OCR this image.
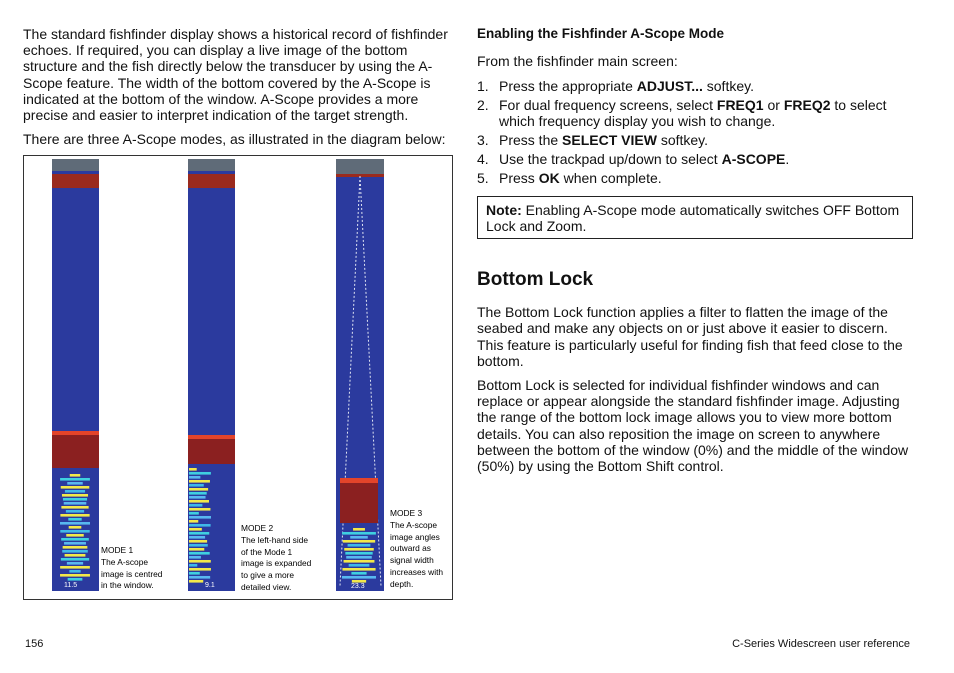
The standard fishfinder display shows a historical record of fishfinder echoes. If required, you can display a live image of the bottom structure and the fish directly below the transducer by using the A-Scope feature. The width of the bottom covered by the A-Scope is indicated at the bottom of the window. A-Scope provides a more precise and easier to interpret indication of the target strength.

There are three A-Scope modes, as illustrated in the diagram below:

MODE 1
The A-scope
image is centred
in the window.
MODE 2
The left-hand side
of the Mode 1
image is expanded
to give a more
detailed view.
MODE 3
The A-scope
image angles
outward as
signal width
increases with
depth.
11.5	9.1	23.3
Enabling the Fishfinder A-Scope Mode

From the fishfinder main screen:

1. Press the appropriate ADJUST... softkey.
2. For dual frequency screens, select FREQ1 or FREQ2 to select which frequency display you wish to change.
3. Press the SELECT VIEW softkey.
4. Use the trackpad up/down to select A-SCOPE.
5. Press OK when complete.
Note: Enabling A-Scope mode automatically switches OFF Bottom Lock and Zoom.
Bottom Lock

The Bottom Lock function applies a filter to flatten the image of the seabed and make any objects on or just above it easier to discern. This feature is particularly useful for finding fish that feed close to the bottom.

Bottom Lock is selected for individual fishfinder windows and can replace or appear alongside the standard fishfinder image. Adjusting the range of the bottom lock image allows you to view more bottom details. You can also reposition the image on screen to anywhere between the bottom of the window (0%) and the middle of the window (50%) by using the Bottom Shift control.

156	C-Series Widescreen user reference
